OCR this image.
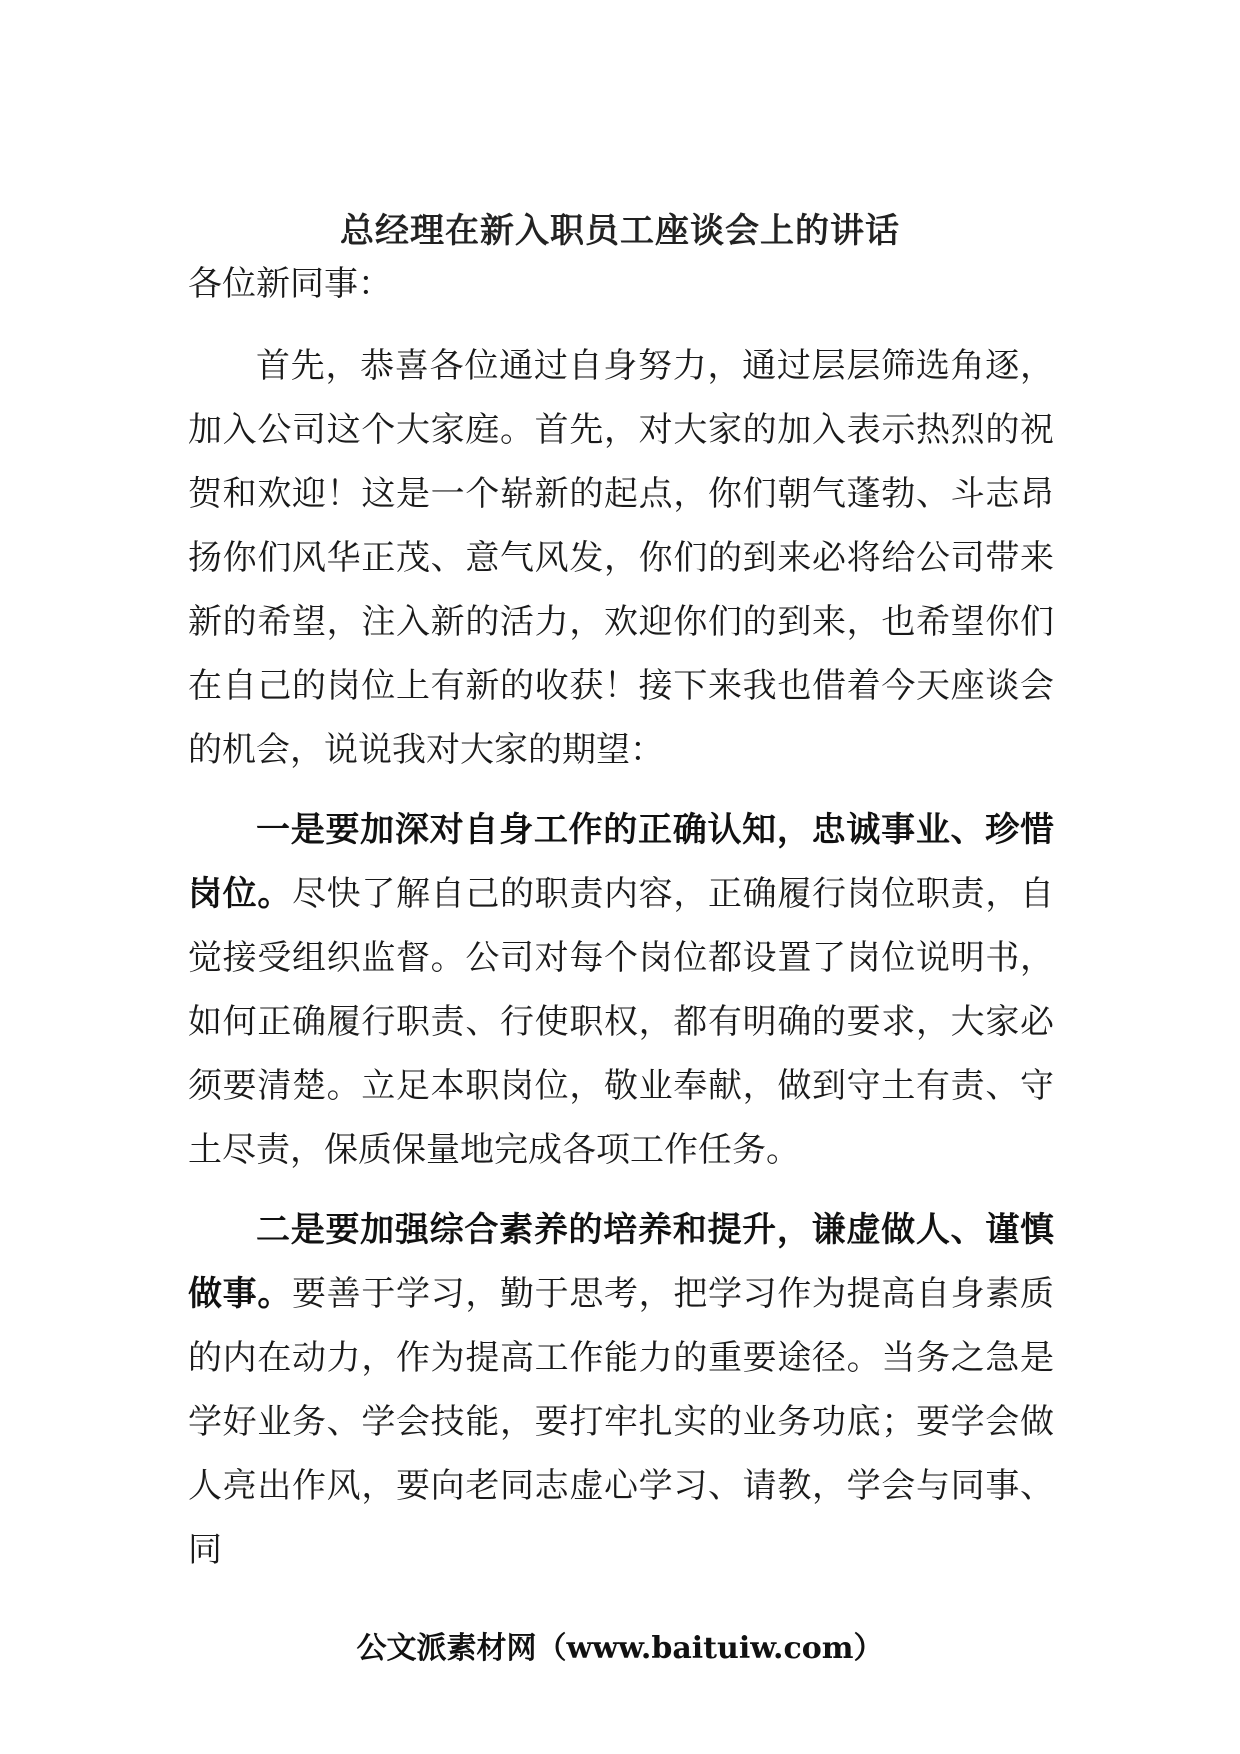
总经理在新入职员工座谈会上的讲话

各位新同事：

首先，恭喜各位通过自身努力，通过层层筛选角逐，加入公司这个大家庭。首先，对大家的加入表示热烈的祝贺和欢迎！这是一个崭新的起点，你们朝气蓬勃、斗志昂扬你们风华正茂、意气风发，你们的到来必将给公司带来新的希望，注入新的活力，欢迎你们的到来，也希望你们在自己的岗位上有新的收获！接下来我也借着今天座谈会的机会，说说我对大家的期望：

一是要加深对自身工作的正确认知，忠诚事业、珍惜岗位。尽快了解自己的职责内容，正确履行岗位职责，自觉接受组织监督。公司对每个岗位都设置了岗位说明书，如何正确履行职责、行使职权，都有明确的要求，大家必须要清楚。立足本职岗位，敬业奉献，做到守土有责、守土尽责，保质保量地完成各项工作任务。

二是要加强综合素养的培养和提升，谦虚做人、谨慎做事。要善于学习，勤于思考，把学习作为提高自身素质的内在动力，作为提高工作能力的重要途径。当务之急是学好业务、学会技能，要打牢扎实的业务功底；要学会做人亮出作风，要向老同志虚心学习、请教，学会与同事、同

公文派素材网（www.baituiw.com）
